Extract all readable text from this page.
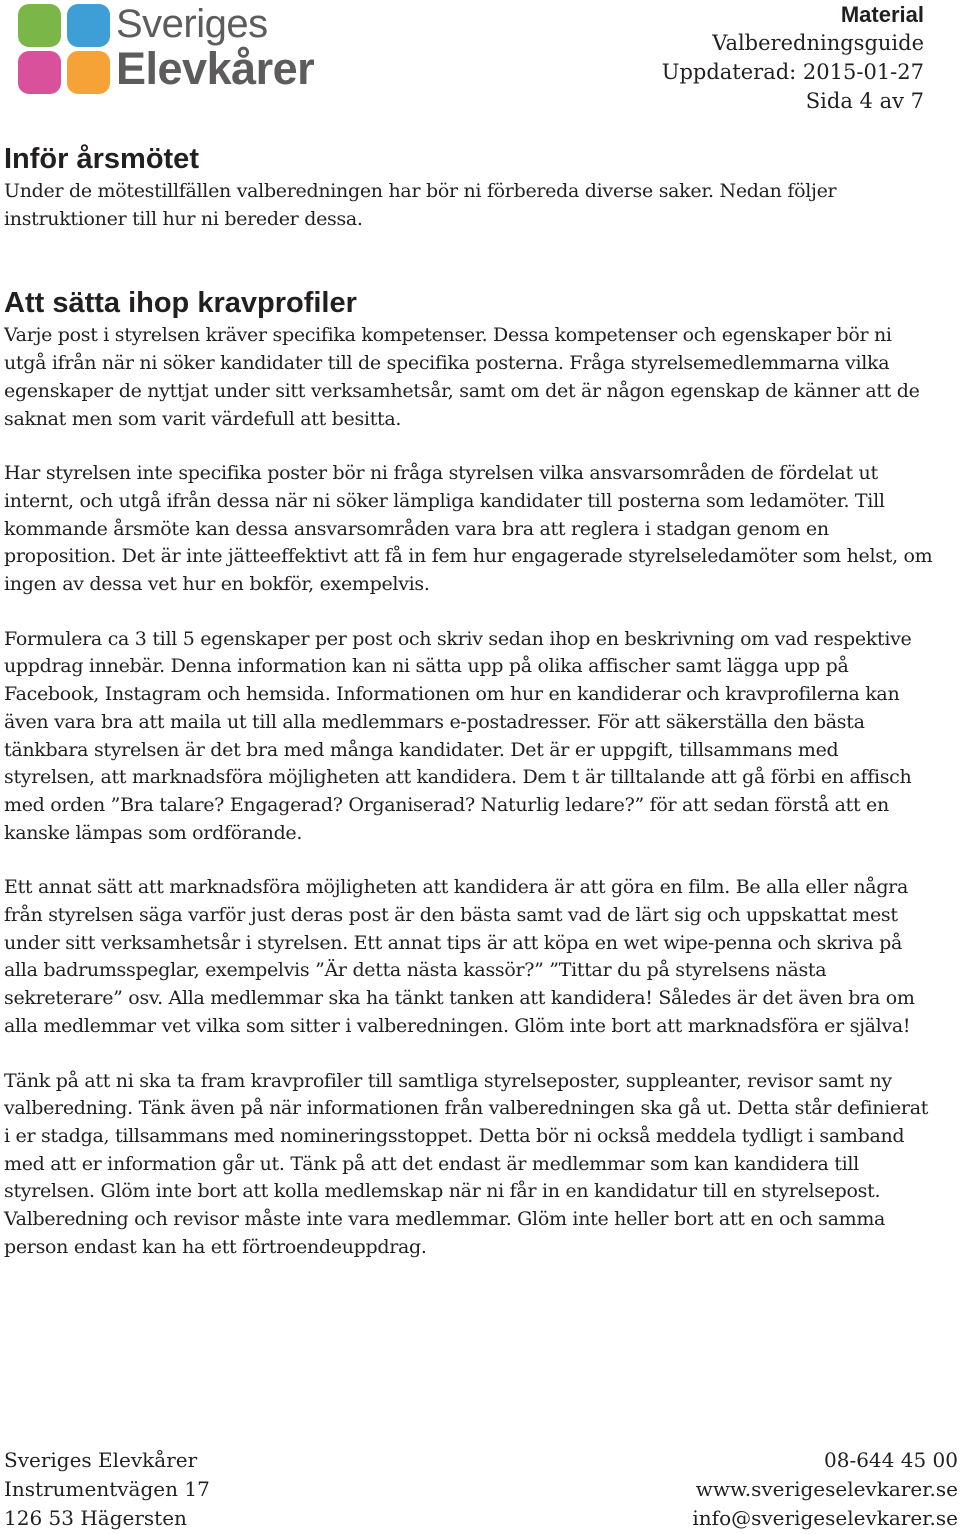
Sveriges
Elevkårer
Material
Valberedningsguide
Uppdaterad: 2015-01-27
Sida 4 av 7
Inför årsmötet

Under de mötestillfällen valberedningen har bör ni förbereda diverse saker. Nedan följer instruktioner till hur ni bereder dessa.

Att sätta ihop kravprofiler

Varje post i styrelsen kräver specifika kompetenser. Dessa kompetenser och egenskaper bör ni utgå ifrån när ni söker kandidater till de specifika posterna. Fråga styrelsemedlemmarna vilka egenskaper de nyttjat under sitt verksamhetsår, samt om det är någon egenskap de känner att de saknat men som varit värdefull att besitta.

Har styrelsen inte specifika poster bör ni fråga styrelsen vilka ansvarsområden de fördelat ut internt, och utgå ifrån dessa när ni söker lämpliga kandidater till posterna som ledamöter. Till kommande årsmöte kan dessa ansvarsområden vara bra att reglera i stadgan genom en proposition. Det är inte jätteeffektivt att få in fem hur engagerade styrelseledamöter som helst, om ingen av dessa vet hur en bokför, exempelvis.

Formulera ca 3 till 5 egenskaper per post och skriv sedan ihop en beskrivning om vad respektive uppdrag innebär. Denna information kan ni sätta upp på olika affischer samt lägga upp på Facebook, Instagram och hemsida. Informationen om hur en kandiderar och kravprofilerna kan även vara bra att maila ut till alla medlemmars e-postadresser. För att säkerställa den bästa tänkbara styrelsen är det bra med många kandidater. Det är er uppgift, tillsammans med styrelsen, att marknadsföra möjligheten att kandidera. Dem t är tilltalande att gå förbi en affisch med orden ”Bra talare? Engagerad? Organiserad? Naturlig ledare?” för att sedan förstå att en kanske lämpas som ordförande.

Ett annat sätt att marknadsföra möjligheten att kandidera är att göra en film. Be alla eller några från styrelsen säga varför just deras post är den bästa samt vad de lärt sig och uppskattat mest under sitt verksamhetsår i styrelsen. Ett annat tips är att köpa en wet wipe-penna och skriva på alla badrumsspeglar, exempelvis ”Är detta nästa kassör?” ”Tittar du på styrelsens nästa sekreterare” osv. Alla medlemmar ska ha tänkt tanken att kandidera! Således är det även bra om alla medlemmar vet vilka som sitter i valberedningen. Glöm inte bort att marknadsföra er själva!

Tänk på att ni ska ta fram kravprofiler till samtliga styrelseposter, suppleanter, revisor samt ny valberedning. Tänk även på när informationen från valberedningen ska gå ut. Detta står definierat i er stadga, tillsammans med nomineringsstoppet. Detta bör ni också meddela tydligt i samband med att er information går ut. Tänk på att det endast är medlemmar som kan kandidera till styrelsen. Glöm inte bort att kolla medlemskap när ni får in en kandidatur till en styrelsepost. Valberedning och revisor måste inte vara medlemmar. Glöm inte heller bort att en och samma person endast kan ha ett förtroendeuppdrag.

Sveriges Elevkårer
Instrumentvägen 17
126 53 Hägersten
08-644 45 00
www.sverigeselevkarer.se
info@sverigeselevkarer.se
